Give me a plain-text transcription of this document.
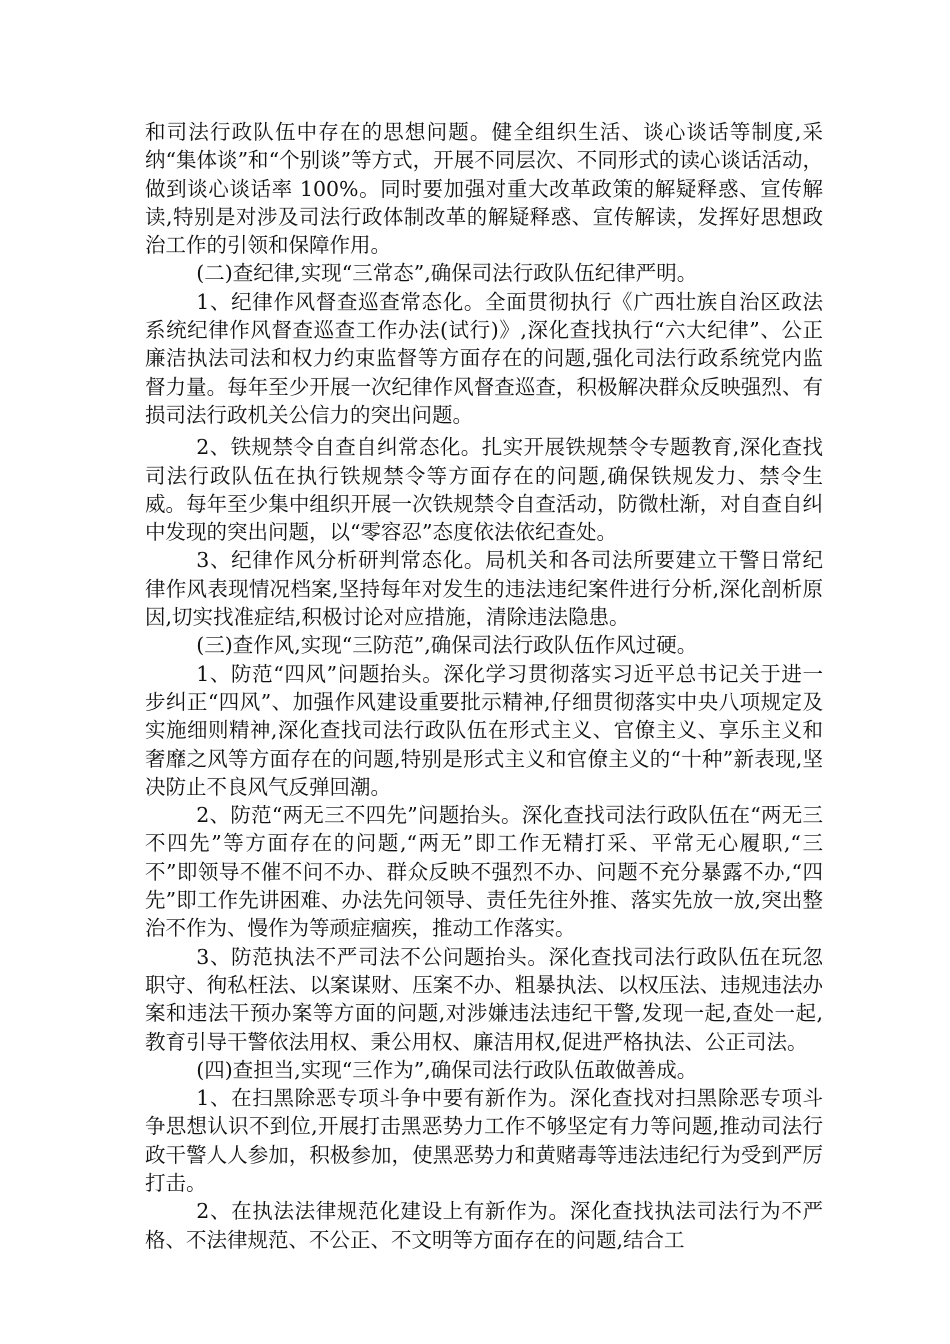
和司法行政队伍中存在的思想问题。健全组织生活、谈心谈话等制度,采纳“集体谈”和“个别谈”等方式，开展不同层次、不同形式的读心谈话活动，做到谈心谈话率 100%。同时要加强对重大改革政策的解疑释惑、宣传解读,特别是对涉及司法行政体制改革的解疑释惑、宣传解读，发挥好思想政治工作的引领和保障作用。

(二)查纪律,实现“三常态”,确保司法行政队伍纪律严明。

1、纪律作风督查巡查常态化。全面贯彻执行《广西壮族自治区政法系统纪律作风督查巡查工作办法(试行)》,深化查找执行“六大纪律”、公正廉洁执法司法和权力约束监督等方面存在的问题,强化司法行政系统党内监督力量。每年至少开展一次纪律作风督查巡查，积极解决群众反映强烈、有损司法行政机关公信力的突出问题。

2、铁规禁令自查自纠常态化。扎实开展铁规禁令专题教育,深化查找司法行政队伍在执行铁规禁令等方面存在的问题,确保铁规发力、禁令生威。每年至少集中组织开展一次铁规禁令自查活动，防微杜渐，对自查自纠中发现的突出问题，以“零容忍”态度依法依纪查处。

3、纪律作风分析研判常态化。局机关和各司法所要建立干警日常纪律作风表现情况档案,坚持每年对发生的违法违纪案件进行分析,深化剖析原因,切实找准症结,积极讨论对应措施，清除违法隐患。

(三)查作风,实现“三防范”,确保司法行政队伍作风过硬。

1、防范“四风”问题抬头。深化学习贯彻落实习近平总书记关于进一步纠正“四风”、加强作风建设重要批示精神,仔细贯彻落实中央八项规定及实施细则精神,深化查找司法行政队伍在形式主义、官僚主义、享乐主义和奢靡之风等方面存在的问题,特别是形式主义和官僚主义的“十种”新表现,坚决防止不良风气反弹回潮。

2、防范“两无三不四先”问题抬头。深化查找司法行政队伍在“两无三不四先”等方面存在的问题,“两无”即工作无精打采、平常无心履职,“三不”即领导不催不问不办、群众反映不强烈不办、问题不充分暴露不办,“四先”即工作先讲困难、办法先问领导、责任先往外推、落实先放一放,突出整治不作为、慢作为等顽症痼疾，推动工作落实。

3、防范执法不严司法不公问题抬头。深化查找司法行政队伍在玩忽职守、徇私枉法、以案谋财、压案不办、粗暴执法、以权压法、违规违法办案和违法干预办案等方面的问题,对涉嫌违法违纪干警,发现一起,查处一起,教育引导干警依法用权、秉公用权、廉洁用权,促进严格执法、公正司法。

(四)查担当,实现“三作为”,确保司法行政队伍敢做善成。

1、在扫黑除恶专项斗争中要有新作为。深化查找对扫黑除恶专项斗争思想认识不到位,开展打击黑恶势力工作不够坚定有力等问题,推动司法行政干警人人参加，积极参加，使黑恶势力和黄赌毒等违法违纪行为受到严厉打击。

2、在执法法律规范化建设上有新作为。深化查找执法司法行为不严格、不法律规范、不公正、不文明等方面存在的问题,结合工
